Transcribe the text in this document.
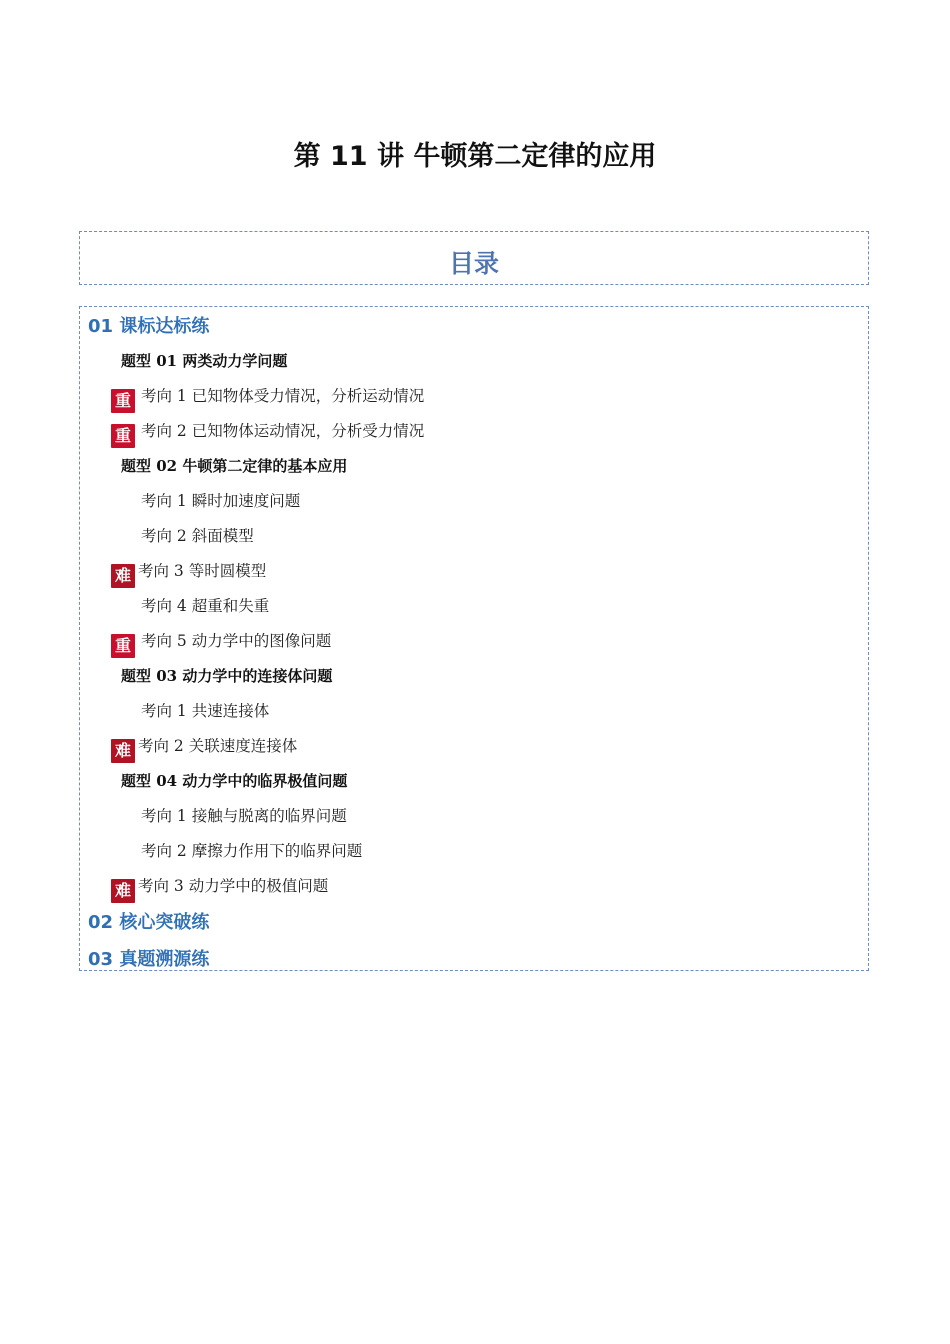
第 11 讲 牛顿第二定律的应用
目录
01 课标达标练
题型 01 两类动力学问题
重 考向 1 已知物体受力情况，分析运动情况
重 考向 2 已知物体运动情况，分析受力情况
题型 02 牛顿第二定律的基本应用
考向 1 瞬时加速度问题
考向 2 斜面模型
难 考向 3 等时圆模型
考向 4 超重和失重
重 考向 5 动力学中的图像问题
题型 03 动力学中的连接体问题
考向 1 共速连接体
难 考向 2 关联速度连接体
题型 04 动力学中的临界极值问题
考向 1 接触与脱离的临界问题
考向 2 摩擦力作用下的临界问题
难 考向 3 动力学中的极值问题
02 核心突破练
03 真题溯源练
